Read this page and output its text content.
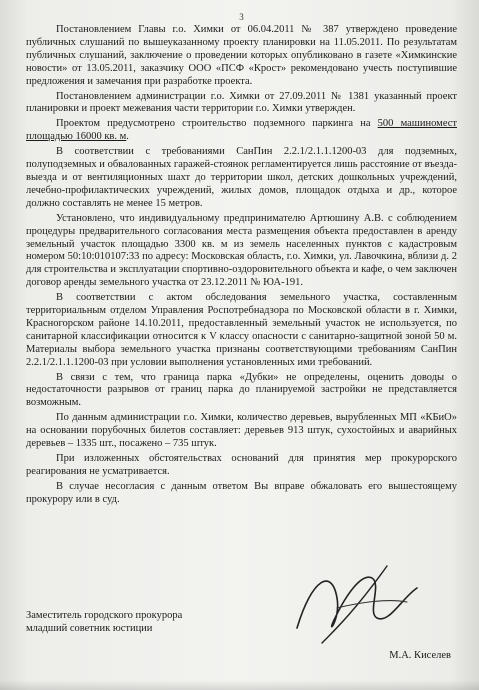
3

Постановлением Главы г.о. Химки от 06.04.2011 № 387 утверждено проведение публичных слушаний по вышеуказанному проекту планировки на 11.05.2011. По результатам публичных слушаний, заключение о проведении которых опубликовано в газете «Химкинские новости» от 13.05.2011, заказчику ООО «ПСФ «Крост» рекомендовано учесть поступившие предложения и замечания при разработке проекта.

Постановлением администрации г.о. Химки от 27.09.2011 № 1381 указанный проект планировки и проект межевания части территории г.о. Химки утвержден.

Проектом предусмотрено строительство подземного паркинга на 500 машиномест площадью 16000 кв. м.

В соответствии с требованиями СанПин 2.2.1/2.1.1.1200-03 для подземных, полуподземных и обвалованных гаражей-стоянок регламентируется лишь расстояние от въезда-выезда и от вентиляционных шахт до территории школ, детских дошкольных учреждений, лечебно-профилактических учреждений, жилых домов, площадок отдыха и др., которое должно составлять не менее 15 метров.

Установлено, что индивидуальному предпринимателю Артюшину А.В. с соблюдением процедуры предварительного согласования места размещения объекта предоставлен в аренду земельный участок площадью 3300 кв. м из земель населенных пунктов с кадастровым номером 50:10:010107:33 по адресу: Московская область, г.о. Химки, ул. Лавочкина, вблизи д. 2 для строительства и эксплуатации спортивно-оздоровительного объекта и кафе, о чем заключен договор аренды земельного участка от 23.12.2011 № ЮА-191.

В соответствии с актом обследования земельного участка, составленным территориальным отделом Управления Роспотребнадзора по Московской области в г. Химки, Красногорском районе 14.10.2011, предоставленный земельный участок не используется, по санитарной классификации относится к V классу опасности с санитарно-защитной зоной 50 м. Материалы выбора земельного участка признаны соответствующими требованиям СанПин 2.2.1/2.1.1.1200-03 при условии выполнения установленных ими требований.

В связи с тем, что граница парка «Дубки» не определены, оценить доводы о недостаточности разрывов от границ парка до планируемой застройки не представляется возможным.

По данным администрации г.о. Химки, количество деревьев, вырубленных МП «КБиО» на основании порубочных билетов составляет: деревьев 913 штук, сухостойных и аварийных деревьев – 1335 шт., посажено – 735 штук.

При изложенных обстоятельствах оснований для принятия мер прокурорского реагирования не усматривается.

В случае несогласия с данным ответом Вы вправе обжаловать его вышестоящему прокурору или в суд.

Заместитель городского прокурора
младший советник юстиции
М.А. Киселев
